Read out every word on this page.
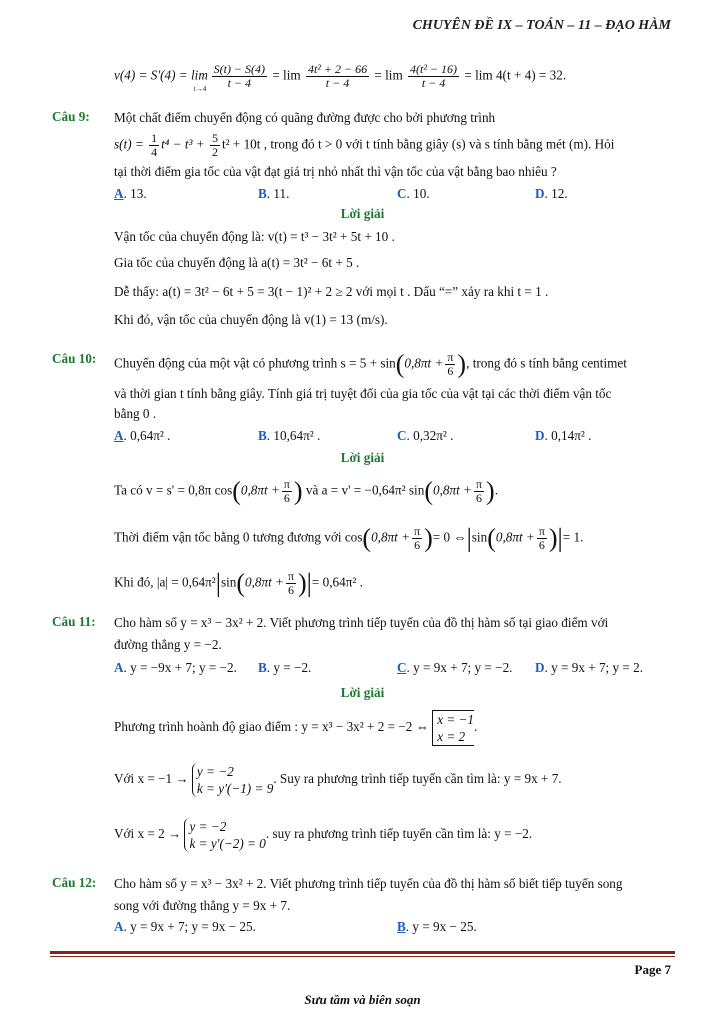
CHUYÊN ĐỀ IX – TOÁN – 11 – ĐẠO HÀM
v(4) = S'(4) = lim
t→4
$\frac{S(t) - S(4)}{t - 4} = \lim \frac{\text{4t² + 2 − 66}}{t - 4} = \lim \frac{\text{4(t² − 16)}}{t - 4} = \lim 4(t + 4) = 32$.
Câu 9: Một chất điểm chuyển động có quãng đường được cho bởi phương trình
$s(t) = \frac{1}{4} t^4 - t^3 + \frac{5}{2} t^2 + 10t$ , trong đó t > 0 với t tính bằng giây (s) và s tính bằng mét (m). Hỏi
tại thời điểm gia tốc của vật đạt giá trị nhỏ nhất thì vận tốc của vật bằng bao nhiêu ?
A. 13.	B. 11.	C. 10.	D. 12.
Lời giải
Vận tốc của chuyển động là: v(t) = t³ − 3t² + 5t + 10 .
Gia tốc của chuyển động là a(t) = 3t² − 6t + 5 .
Dễ thấy: a(t) = 3t² − 6t + 5 = 3(t − 1)² + 2 ≥ 2 với mọi t . Dấu “=” xảy ra khi t = 1 .
Khi đó, vận tốc của chuyển động là v(1) = 13 (m/s).
Câu 10: Chuyển động của một vật có phương trình $s = 5 + \sin(0,8\pi t + \frac{\pi}{6}$ ), trong đó s tính bằng centimet
và thời gian t tính bằng giây. Tính giá trị tuyệt đối của gia tốc của vật tại các thời điểm vận tốc
bằng 0 .
A. 0,64π² .	B. 10,64π² .	C. 0,32π² .	D. 0,14π² .
Lời giải
Ta có v = s' = 0,8π $\cos(0,8\pi t + \frac{\pi}{6}$ ) và a = v' = −0,64π² $\sin(0,8\pi t + \frac{\pi}{6}$ ).
Thời điểm vận tốc bằng 0 tương đương với $\cos(0,8\pi t + \frac{\pi}{6}$ )= 0 ⇔|sin(0,8πt + $\frac{\pi}{6}$ )|= 1.
Khi đó, $|a| = 0,64\pi^2|\sin(0,8\pi t + \frac{\pi}{6}$ )|= 0,64π² .
Câu 11: Cho hàm số y = x³ − 3x² + 2. Viết phương trình tiếp tuyến của đồ thị hàm số tại giao điểm với
đường thẳng y = −2.
A. y = −9x + 7; y = −2. B. y = −2.	C. y = 9x + 7; y = −2. D. y = 9x + 7; y = 2.
Lời giải
Phương trình hoành độ giao điểm : y = x³ − 3x² + 2 = −2 ⇔ x = −1
x = 2
.
Với x = −1 → y = −2
k = y'(−1) = 9
. Suy ra phương trình tiếp tuyến cần tìm là: y = 9x + 7.
Với x = 2 → y = −2
k = y'(−2) = 0
. suy ra phương trình tiếp tuyến cần tìm là: y = −2.
Câu 12: Cho hàm số y = x³ − 3x² + 2. Viết phương trình tiếp tuyến của đồ thị hàm số biết tiếp tuyến song
song với đường thẳng y = 9x + 7.
A. y = 9x + 7; y = 9x − 25.	B. y = 9x − 25.
Page 7
Sưu tầm và biên soạn
